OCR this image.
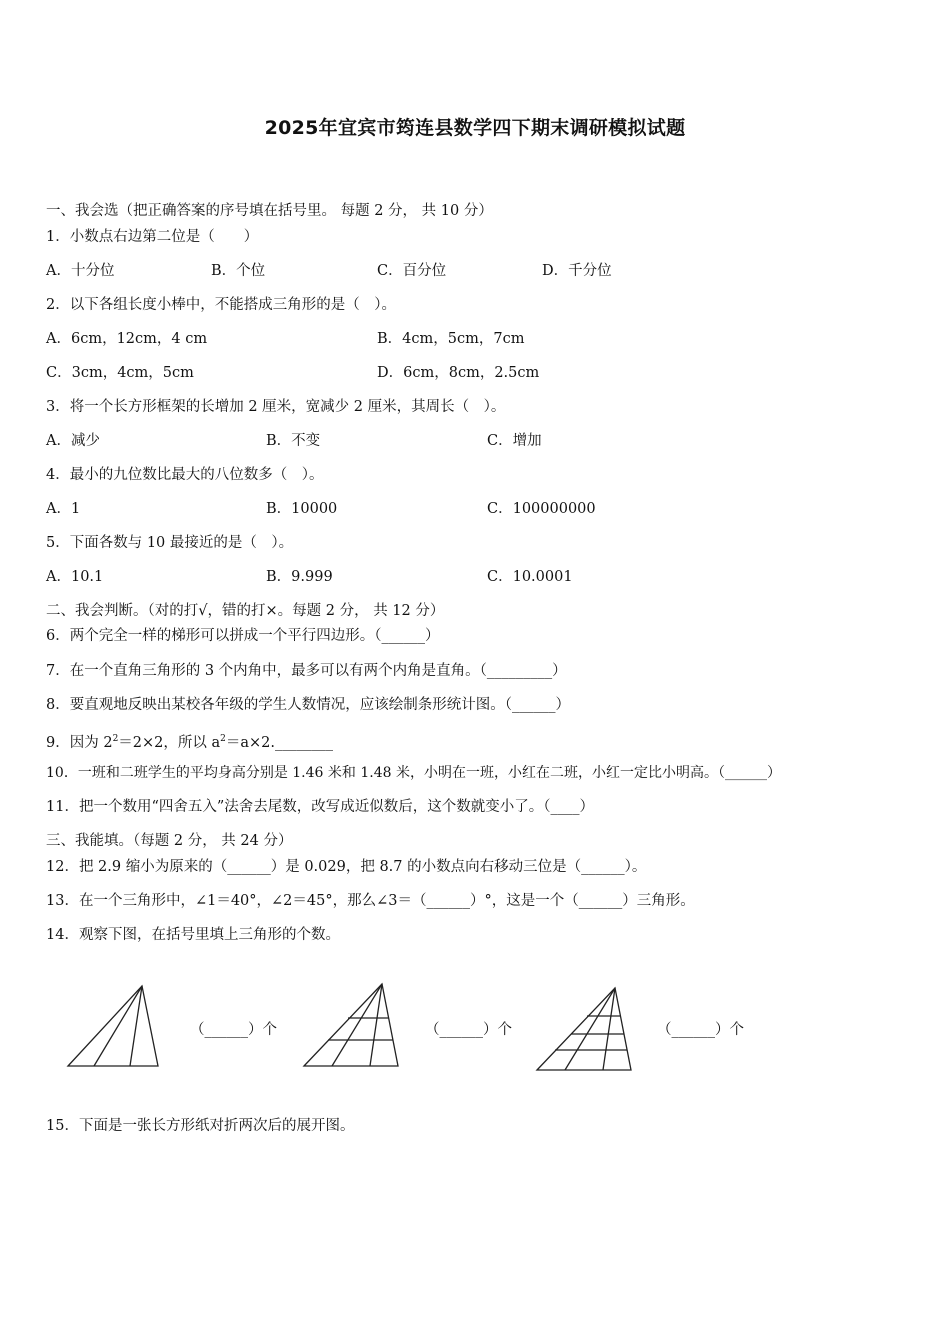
2025年宜宾市筠连县数学四下期末调研模拟试题
一、我会选（把正确答案的序号填在括号里。 每题 2 分， 共 10 分）
1．小数点右边第二位是（　　）
A．十分位	B．个位	C．百分位	D．千分位
2．以下各组长度小棒中，不能搭成三角形的是（　）。
A．6cm，12cm，4 cm	B．4cm，5cm，7cm
C．3cm，4cm，5cm	D．6cm，8cm，2.5cm
3．将一个长方形框架的长增加 2 厘米，宽减少 2 厘米，其周长（　）。
A．减少	B．不变	C．增加
4．最小的九位数比最大的八位数多（　）。
A．1	B．10000	C．100000000
5．下面各数与 10 最接近的是（　）。
A．10.1	B．9.999	C．10.0001
二、我会判断。（对的打√，错的打×。每题 2 分， 共 12 分）
6．两个完全一样的梯形可以拼成一个平行四边形。（______）
7．在一个直角三角形的 3 个内角中，最多可以有两个内角是直角。（_________）
8．要直观地反映出某校各年级的学生人数情况，应该绘制条形统计图。（______）
9．因为 $2^2=2\times 2$，所以 $a^2=a\times 2.\_\_\_\_\_\_\_\_$
10．一班和二班学生的平均身高分别是 1.46 米和 1.48 米，小明在一班，小红在二班，小红一定比小明高。（______）
11．把一个数用“四舍五入”法舍去尾数，改写成近似数后，这个数就变小了。（____）
三、我能填。（每题 2 分， 共 24 分）
12．把 2.9 缩小为原来的（______）是 0.029，把 8.7 的小数点向右移动三位是（______）。
13．在一个三角形中，∠1＝40°，∠2＝45°，那么∠3＝（______）°，这是一个（______）三角形。
14．观察下图，在括号里填上三角形的个数。
（______）个	（______）个	（______）个
15．下面是一张长方形纸对折两次后的展开图。
